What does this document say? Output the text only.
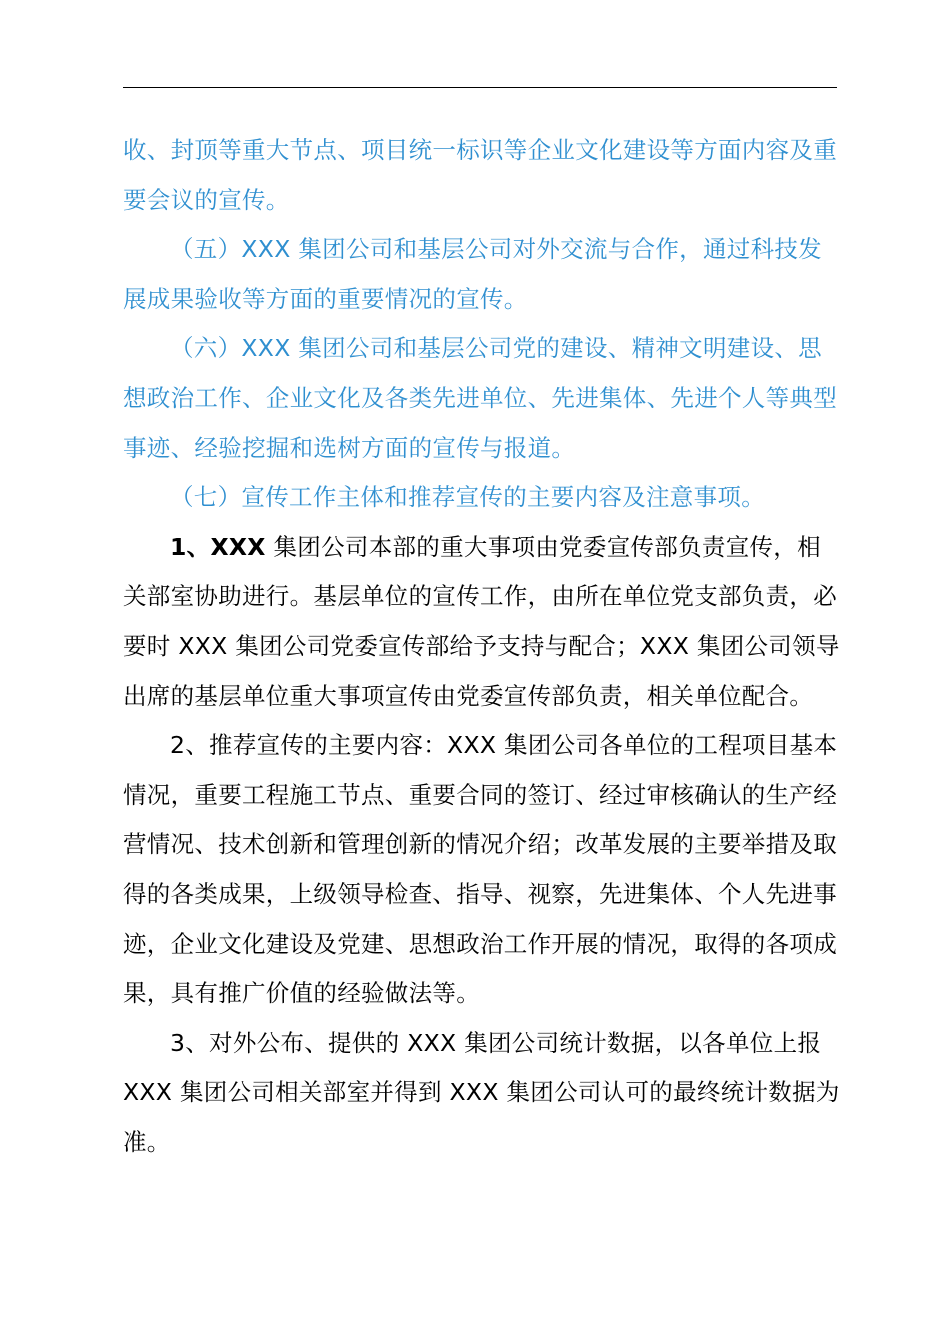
收、封顶等重大节点、项目统一标识等企业文化建设等方面内容及重要会议的宣传。

（五）XXX 集团公司和基层公司对外交流与合作，通过科技发展成果验收等方面的重要情况的宣传。

（六）XXX 集团公司和基层公司党的建设、精神文明建设、思想政治工作、企业文化及各类先进单位、先进集体、先进个人等典型事迹、经验挖掘和选树方面的宣传与报道。

（七）宣传工作主体和推荐宣传的主要内容及注意事项。

1、XXX 集团公司本部的重大事项由党委宣传部负责宣传，相关部室协助进行。基层单位的宣传工作，由所在单位党支部负责，必要时 XXX 集团公司党委宣传部给予支持与配合；XXX 集团公司领导出席的基层单位重大事项宣传由党委宣传部负责，相关单位配合。

2、推荐宣传的主要内容：XXX 集团公司各单位的工程项目基本情况，重要工程施工节点、重要合同的签订、经过审核确认的生产经营情况、技术创新和管理创新的情况介绍；改革发展的主要举措及取得的各类成果，上级领导检查、指导、视察，先进集体、个人先进事迹，企业文化建设及党建、思想政治工作开展的情况，取得的各项成果，具有推广价值的经验做法等。

3、对外公布、提供的 XXX 集团公司统计数据，以各单位上报 XXX 集团公司相关部室并得到 XXX 集团公司认可的最终统计数据为准。
